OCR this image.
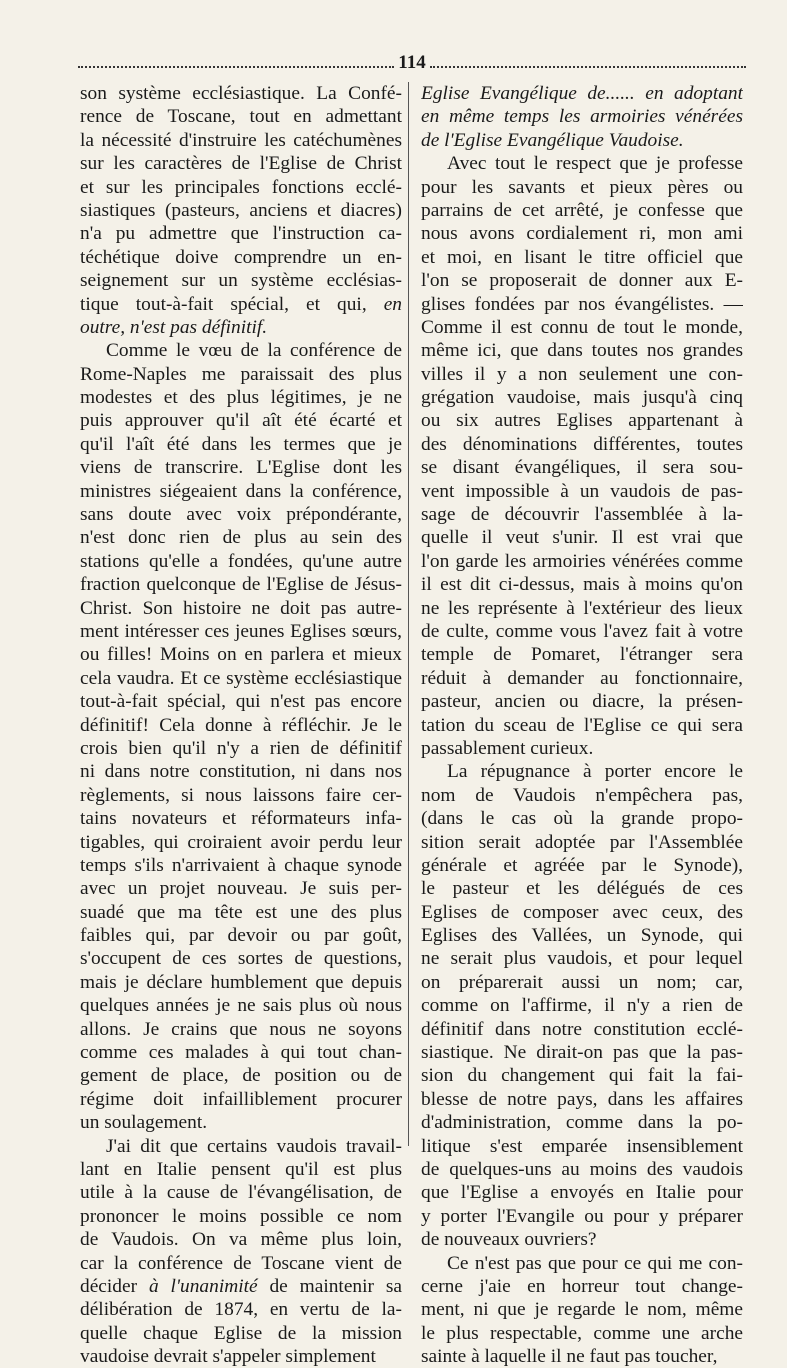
114
son système ecclésiastique. La Confé-
rence de Toscane, tout en admettant
la nécessité d'instruire les catéchumènes
sur les caractères de l'Eglise de Christ
et sur les principales fonctions ecclé-
siastiques (pasteurs, anciens et diacres)
n'a pu admettre que l'instruction ca-
téchétique doive comprendre un en-
seignement sur un système ecclésias-
tique tout-à-fait spécial, et qui, en
outre, n'est pas définitif.
Comme le vœu de la conférence de
Rome-Naples me paraissait des plus
modestes et des plus légitimes, je ne
puis approuver qu'il aît été écarté et
qu'il l'aît été dans les termes que je
viens de transcrire. L'Eglise dont les
ministres siégeaient dans la conférence,
sans doute avec voix prépondérante,
n'est donc rien de plus au sein des
stations qu'elle a fondées, qu'une autre
fraction quelconque de l'Eglise de Jésus-
Christ. Son histoire ne doit pas autre-
ment intéresser ces jeunes Eglises sœurs,
ou filles! Moins on en parlera et mieux
cela vaudra. Et ce système ecclésiastique
tout-à-fait spécial, qui n'est pas encore
définitif! Cela donne à réfléchir. Je le
crois bien qu'il n'y a rien de définitif
ni dans notre constitution, ni dans nos
règlements, si nous laissons faire cer-
tains novateurs et réformateurs infa-
tigables, qui croiraient avoir perdu leur
temps s'ils n'arrivaient à chaque synode
avec un projet nouveau. Je suis per-
suadé que ma tête est une des plus
faibles qui, par devoir ou par goût,
s'occupent de ces sortes de questions,
mais je déclare humblement que depuis
quelques années je ne sais plus où nous
allons. Je crains que nous ne soyons
comme ces malades à qui tout chan-
gement de place, de position ou de
régime doit infailliblement procurer
un soulagement.
J'ai dit que certains vaudois travail-
lant en Italie pensent qu'il est plus
utile à la cause de l'évangélisation, de
prononcer le moins possible ce nom
de Vaudois. On va même plus loin,
car la conférence de Toscane vient de
décider à l'unanimité de maintenir sa
délibération de 1874, en vertu de la-
quelle chaque Eglise de la mission
vaudoise devrait s'appeler simplement
Eglise Evangélique de...... en adoptant
en même temps les armoiries vénérées
de l'Eglise Evangélique Vaudoise.
Avec tout le respect que je professe
pour les savants et pieux pères ou
parrains de cet arrêté, je confesse que
nous avons cordialement ri, mon ami
et moi, en lisant le titre officiel que
l'on se proposerait de donner aux E-
glises fondées par nos évangélistes. —
Comme il est connu de tout le monde,
même ici, que dans toutes nos grandes
villes il y a non seulement une con-
grégation vaudoise, mais jusqu'à cinq
ou six autres Eglises appartenant à
des dénominations différentes, toutes
se disant évangéliques, il sera sou-
vent impossible à un vaudois de pas-
sage de découvrir l'assemblée à la-
quelle il veut s'unir. Il est vrai que
l'on garde les armoiries vénérées comme
il est dit ci-dessus, mais à moins qu'on
ne les représente à l'extérieur des lieux
de culte, comme vous l'avez fait à votre
temple de Pomaret, l'étranger sera
réduit à demander au fonctionnaire,
pasteur, ancien ou diacre, la présen-
tation du sceau de l'Eglise ce qui sera
passablement curieux.
La répugnance à porter encore le
nom de Vaudois n'empêchera pas,
(dans le cas où la grande propo-
sition serait adoptée par l'Assemblée
générale et agréée par le Synode),
le pasteur et les délégués de ces
Eglises de composer avec ceux, des
Eglises des Vallées, un Synode, qui
ne serait plus vaudois, et pour lequel
on préparerait aussi un nom; car,
comme on l'affirme, il n'y a rien de
définitif dans notre constitution ecclé-
siastique. Ne dirait-on pas que la pas-
sion du changement qui fait la fai-
blesse de notre pays, dans les affaires
d'administration, comme dans la po-
litique s'est emparée insensiblement
de quelques-uns au moins des vaudois
que l'Eglise a envoyés en Italie pour
y porter l'Evangile ou pour y préparer
de nouveaux ouvriers?
Ce n'est pas que pour ce qui me con-
cerne j'aie en horreur tout change-
ment, ni que je regarde le nom, même
le plus respectable, comme une arche
sainte à laquelle il ne faut pas toucher,
